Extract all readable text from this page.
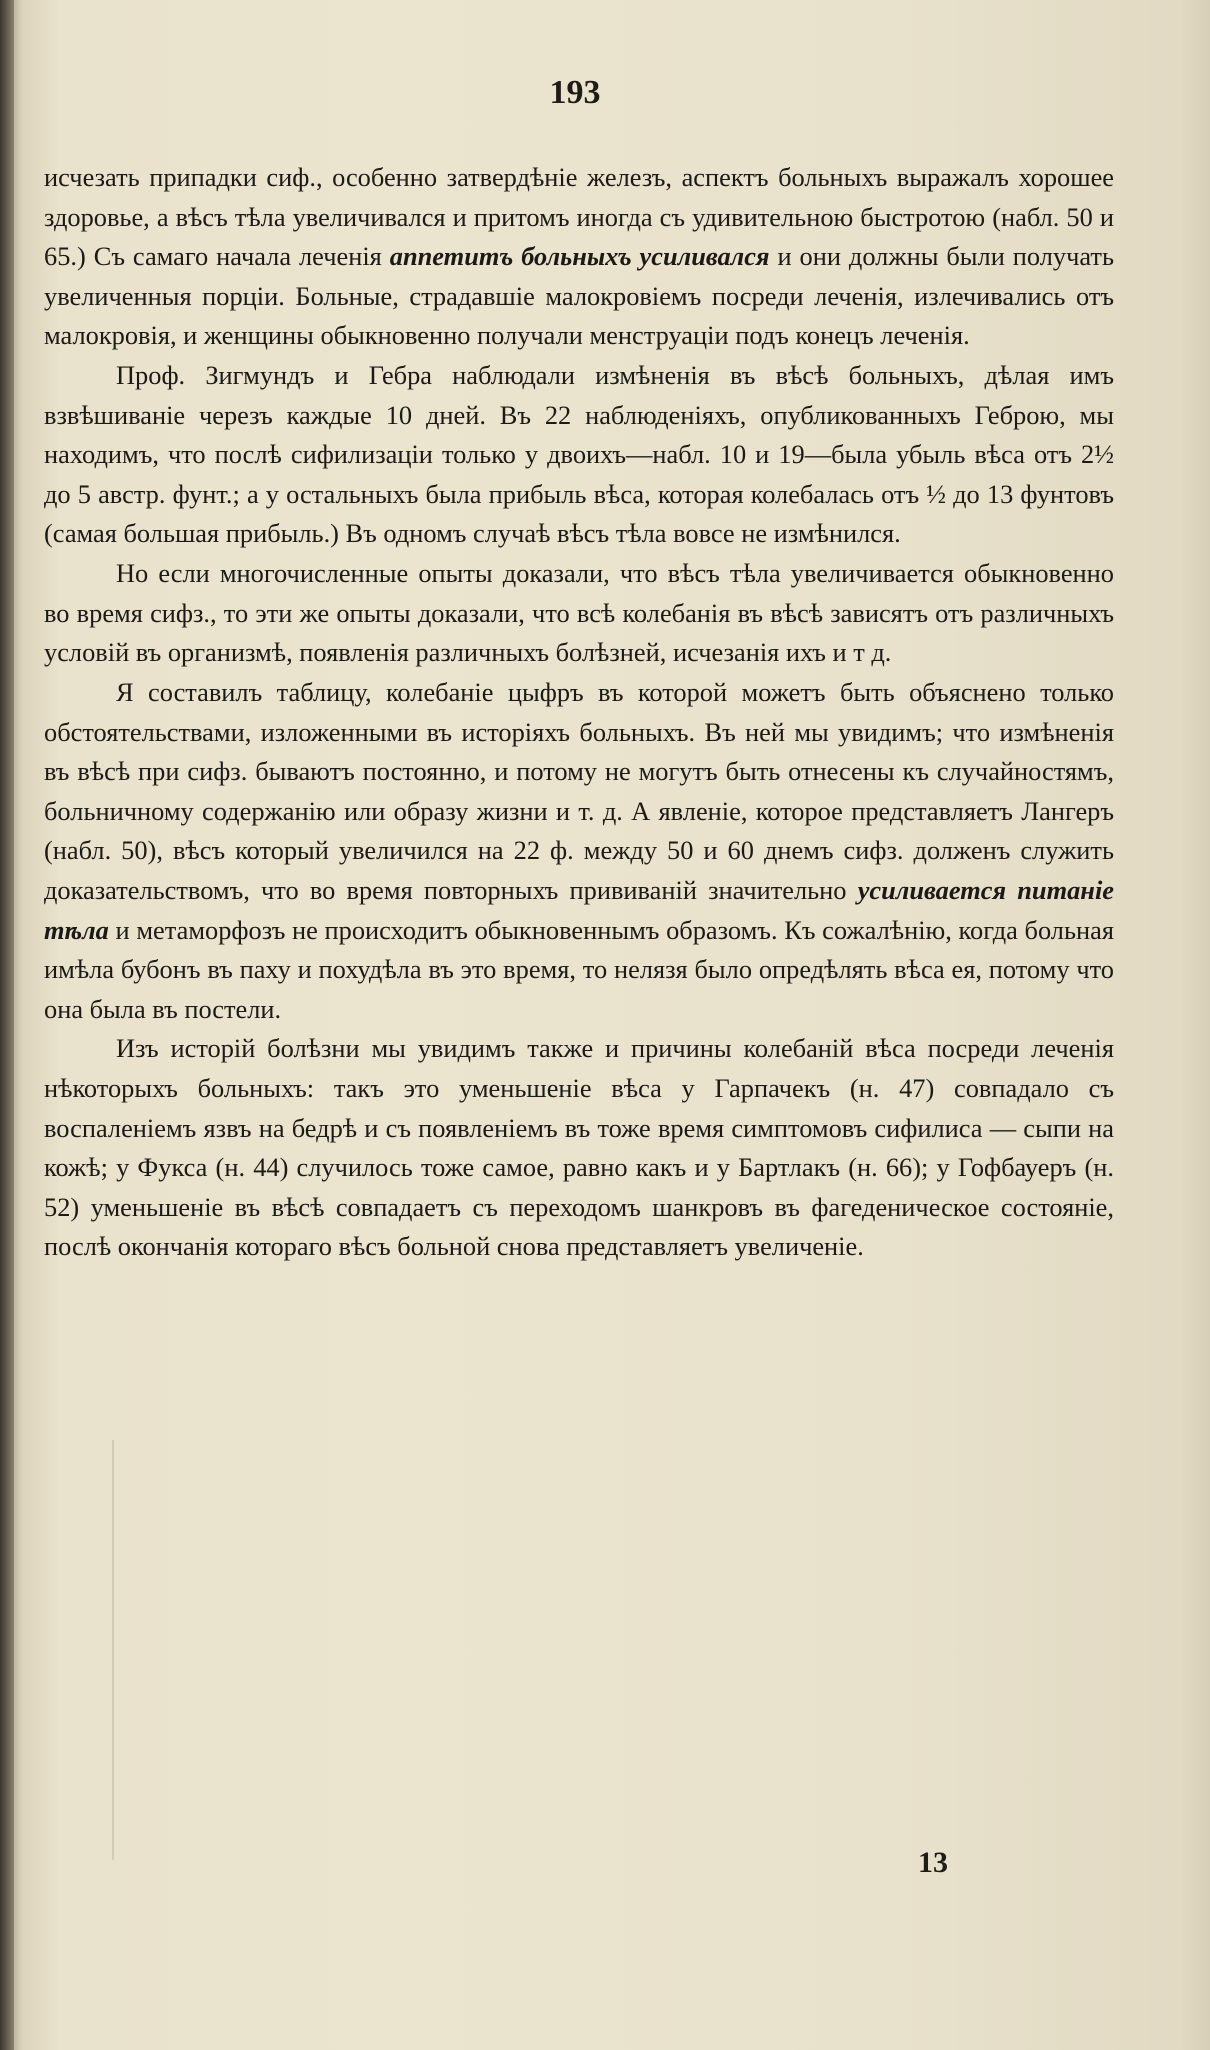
193

исчезать припадки сиф., особенно затвердѣніе железъ, аспектъ больныхъ выражалъ хорошее здоровье, а вѣсъ тѣла увеличивался и притомъ иногда съ удивительною быстротою (набл. 50 и 65.) Съ самаго начала леченія аппетитъ больныхъ усиливался и они должны были получать увеличенныя порціи. Больные, страдавшіе малокровіемъ посреди леченія, излечивались отъ малокровія, и женщины обыкновенно получали менструаціи подъ конецъ леченія.

Проф. Зигмундъ и Гебра наблюдали измѣненія въ вѣсѣ больныхъ, дѣлая имъ взвѣшиваніе черезъ каждые 10 дней. Въ 22 наблюденіяхъ, опубликованныхъ Геброю, мы находимъ, что послѣ сифилизаціи только у двоихъ—набл. 10 и 19—была убыль вѣса отъ 2½ до 5 австр. фунт.; а у остальныхъ была прибыль вѣса, которая колебалась отъ ½ до 13 фунтовъ (самая большая прибыль.) Въ одномъ случаѣ вѣсъ тѣла вовсе не измѣнился.

Но если многочисленные опыты доказали, что вѣсъ тѣла увеличивается обыкновенно во время сифз., то эти же опыты доказали, что всѣ колебанія въ вѣсѣ зависятъ отъ различныхъ условій въ организмѣ, появленія различныхъ болѣзней, исчезанія ихъ и т д.

Я составилъ таблицу, колебаніе цыфръ въ которой можетъ быть объяснено только обстоятельствами, изложенными въ исторіяхъ больныхъ. Въ ней мы увидимъ; что измѣненія въ вѣсѣ при сифз. бываютъ постоянно, и потому не могутъ быть отнесены къ случайностямъ, больничному содержанію или образу жизни и т. д. А явленіе, которое представляетъ Лангеръ (набл. 50), вѣсъ который увеличился на 22 ф. между 50 и 60 днемъ сифз. долженъ служить доказательствомъ, что во время повторныхъ прививаній значительно усиливается питаніе тѣла и метаморфозъ не происходитъ обыкновеннымъ образомъ. Къ сожалѣнію, когда больная имѣла бубонъ въ паху и похудѣла въ это время, то нелязя было опредѣлять вѣса ея, потому что она была въ постели.

Изъ исторій болѣзни мы увидимъ также и причины колебаній вѣса посреди леченія нѣкоторыхъ больныхъ: такъ это уменьшеніе вѣса у Гарпачекъ (н. 47) совпадало съ воспаленіемъ язвъ на бедрѣ и съ появленіемъ въ тоже время симптомовъ сифилиса — сыпи на кожѣ; у Фукса (н. 44) случилось тоже самое, равно какъ и у Бартлакъ (н. 66); у Гофбауеръ (н. 52) уменьшеніе въ вѣсѣ совпадаетъ съ переходомъ шанкровъ въ фагеденическое состояніе, послѣ окончанія котораго вѣсъ больной снова представляетъ увеличеніе.

13
